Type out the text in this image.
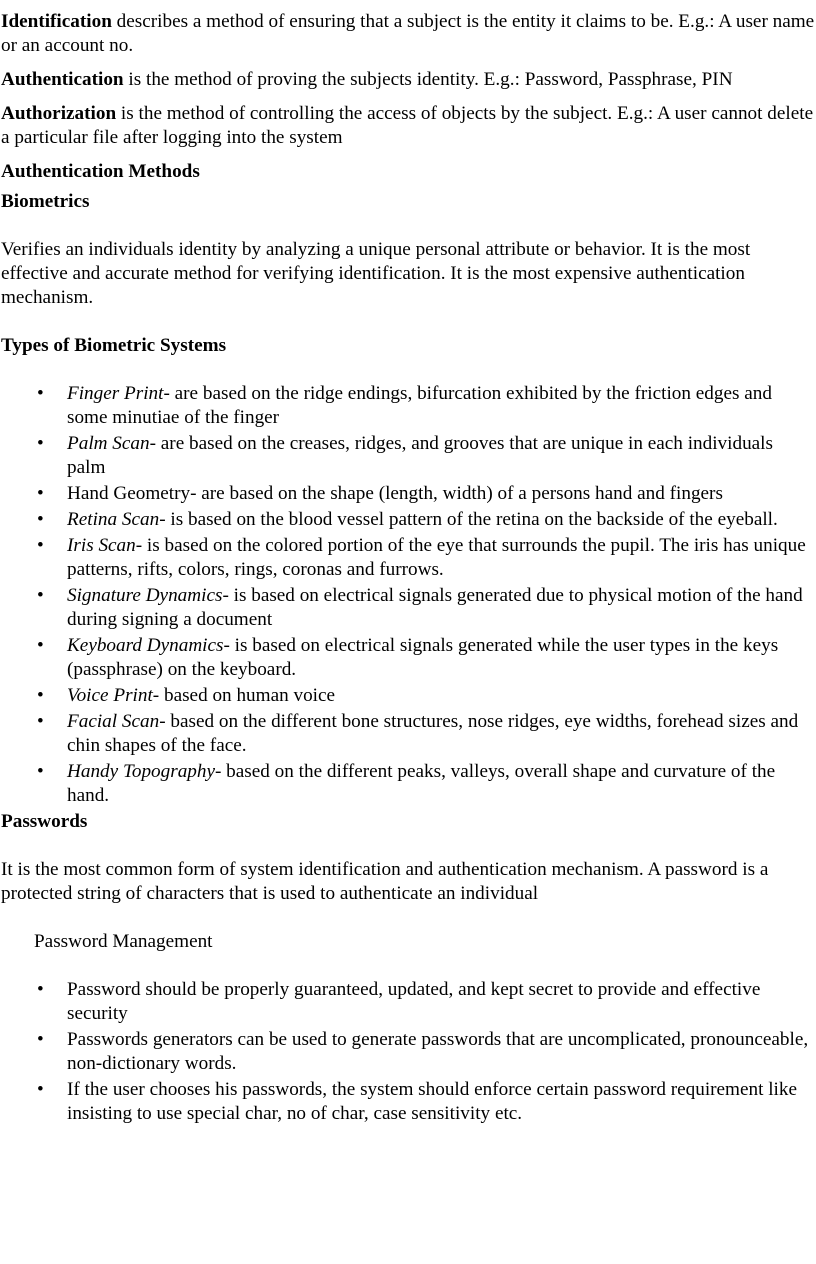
Identification describes a method of ensuring that a subject is the entity it claims to be. E.g.: A user name or an account no.

Authentication is the method of proving the subjects identity. E.g.: Password, Passphrase, PIN

Authorization is the method of controlling the access of objects by the subject. E.g.: A user cannot delete a particular file after logging into the system

Authentication Methods

Biometrics

Verifies an individuals identity by analyzing a unique personal attribute or behavior. It is the most effective and accurate method for verifying identification. It is the most expensive authentication mechanism.

Types of Biometric Systems

• Finger Print- are based on the ridge endings, bifurcation exhibited by the friction edges and some minutiae of the finger
• Palm Scan- are based on the creases, ridges, and grooves that are unique in each individuals palm
• Hand Geometry- are based on the shape (length, width) of a persons hand and fingers
• Retina Scan- is based on the blood vessel pattern of the retina on the backside of the eyeball.
• Iris Scan- is based on the colored portion of the eye that surrounds the pupil. The iris has unique patterns, rifts, colors, rings, coronas and furrows.
• Signature Dynamics- is based on electrical signals generated due to physical motion of the hand during signing a document
• Keyboard Dynamics- is based on electrical signals generated while the user types in the keys (passphrase) on the keyboard.
• Voice Print- based on human voice
• Facial Scan- based on the different bone structures, nose ridges, eye widths, forehead sizes and chin shapes of the face.
• Handy Topography- based on the different peaks, valleys, overall shape and curvature of the hand.

Passwords

It is the most common form of system identification and authentication mechanism. A password is a protected string of characters that is used to authenticate an individual

Password Management

• Password should be properly guaranteed, updated, and kept secret to provide and effective security
• Passwords generators can be used to generate passwords that are uncomplicated, pronounceable, non-dictionary words.
• If the user chooses his passwords, the system should enforce certain password requirement like insisting to use special char, no of char, case sensitivity etc.
